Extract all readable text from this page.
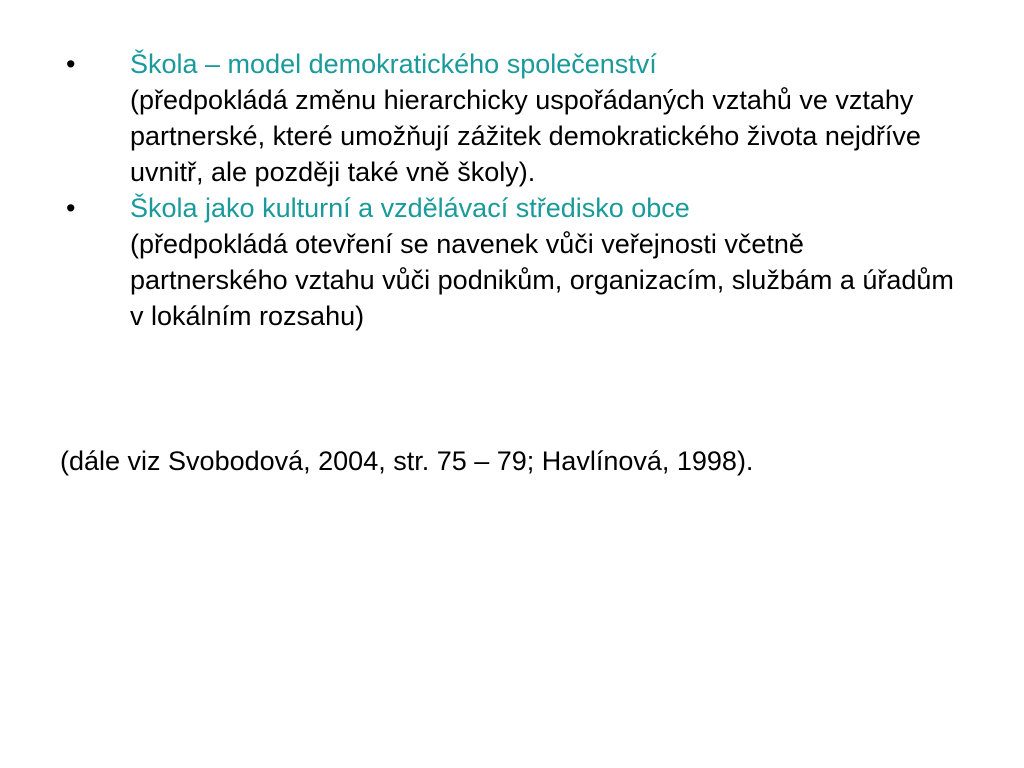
• Škola – model demokratického společenství
(předpokládá změnu hierarchicky uspořádaných vztahů ve vztahy partnerské, které umožňují zážitek demokratického života nejdříve uvnitř, ale později také vně školy).
• Škola jako kulturní a vzdělávací středisko obce
(předpokládá otevření se navenek vůči veřejnosti včetně partnerského vztahu vůči podnikům, organizacím, službám a úřadům v lokálním rozsahu)

(dále viz Svobodová, 2004, str. 75 – 79; Havlínová, 1998).
